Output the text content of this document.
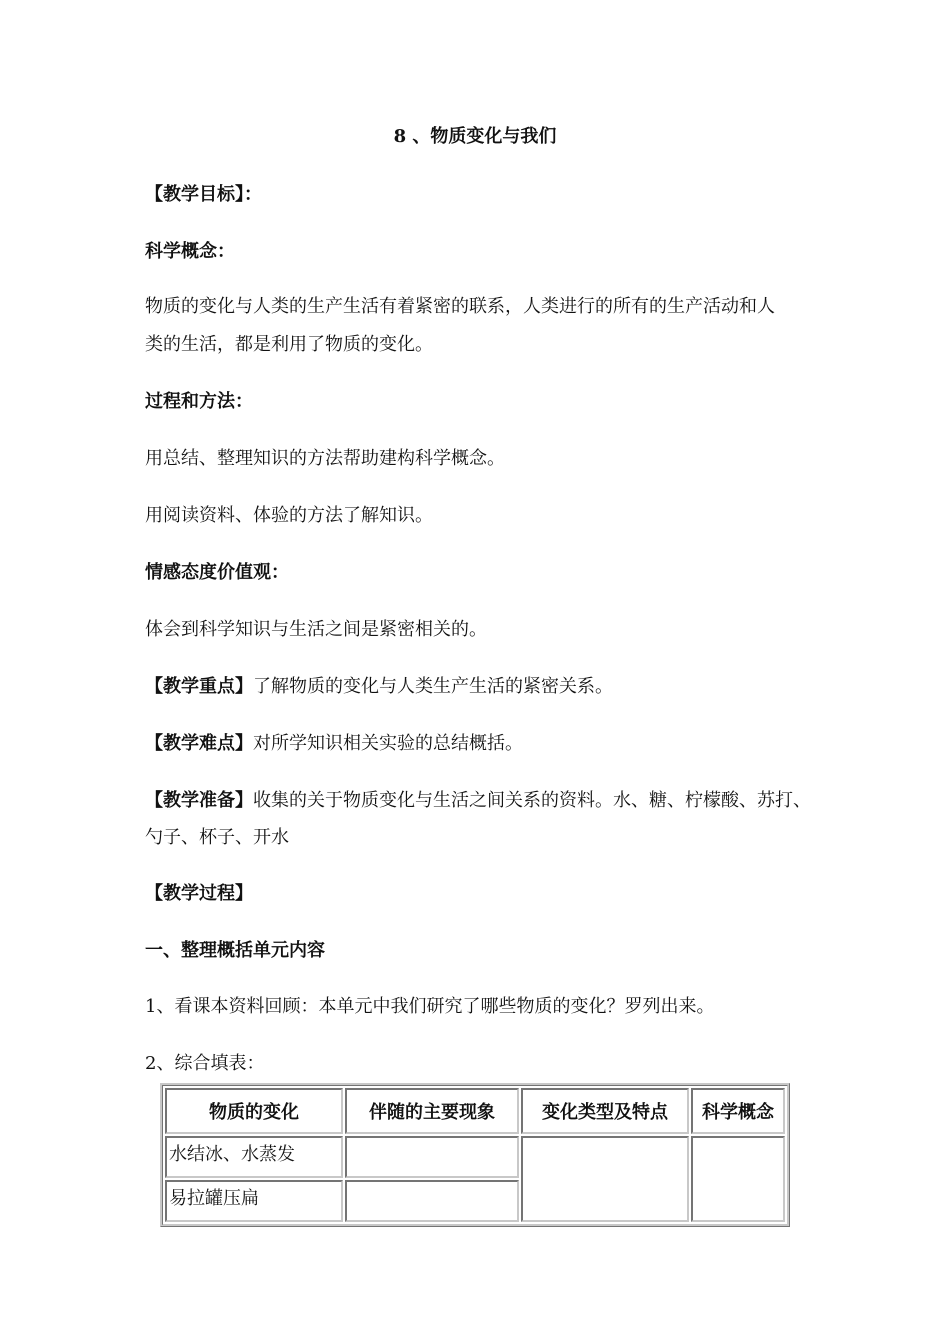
8 、物质变化与我们

【教学目标】：

科学概念：

物质的变化与人类的生产生活有着紧密的联系，人类进行的所有的生产活动和人

类的生活，都是利用了物质的变化。

过程和方法：

用总结、整理知识的方法帮助建构科学概念。

用阅读资料、体验的方法了解知识。

情感态度价值观：

体会到科学知识与生活之间是紧密相关的。

【教学重点】了解物质的变化与人类生产生活的紧密关系。

【教学难点】对所学知识相关实验的总结概括。

【教学准备】收集的关于物质变化与生活之间关系的资料。水、糖、柠檬酸、苏打、

勺子、杯子、开水

【教学过程】

一、整理概括单元内容

1、看课本资料回顾：本单元中我们研究了哪些物质的变化？罗列出来。

2、综合填表：

物质的变化	伴随的主要现象	变化类型及特点	科学概念
水结冰、水蒸发			
易拉罐压扁			
